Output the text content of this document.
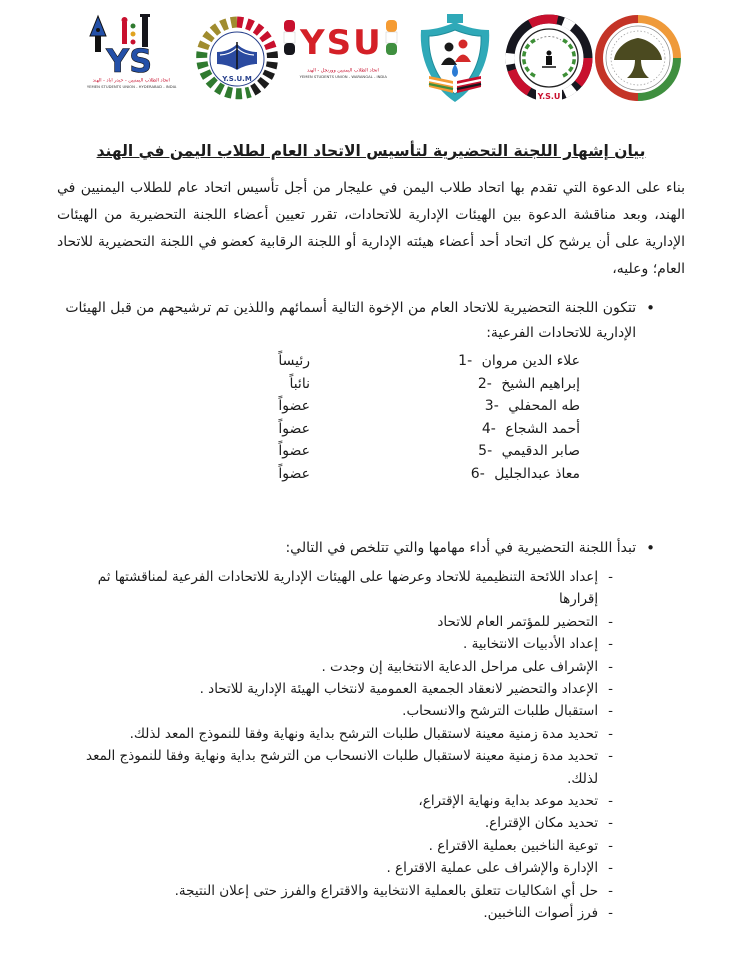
YS
اتحاد الطلاب اليمنيين - حيدر اباد - الهند
YEMEN STUDENTS UNION - HYDERABAD - INDIA
Y.S.U.M
YSU
اتحاد الطلاب اليمنيين وورنجل - الهند
YEMEN STUDENTS UNION - WARANGAL - INDIA
Y.S.U
بيان إشهار اللجنة التحضيرية لتأسيس الاتحاد العام لطلاب اليمن في الهند

بناء على الدعوة التي تقدم بها اتحاد طلاب اليمن في عليجار من أجل تأسيس اتحاد عام للطلاب اليمنيين في الهند، وبعد مناقشة الدعوة بين الهيئات الإدارية للاتحادات، تقرر تعيين أعضاء اللجنة التحضيرية من الهيئات الإدارية على أن يرشح كل اتحاد أحد أعضاء هيئته الإدارية أو اللجنة الرقابية كعضو في اللجنة التحضيرية للاتحاد العام؛ وعليه،

•
تتكون اللجنة التحضيرية للاتحاد العام من الإخوة التالية أسمائهم واللذين تم ترشيحهم من قبل الهيئات الإدارية للاتحادات الفرعية:
1 - علاء الدين مروان
رئيساً
2 - إبراهيم الشيخ
نائباً
3 - طه المحفلي
عضواً
4 - أحمد الشجاع
عضواً
5 - صابر الدقيمي
عضواً
6 - معاذ عبدالجليل
عضواً
•
تبدأ اللجنة التحضيرية في أداء مهامها والتي تتلخص في التالي:
-
إعداد اللائحة التنظيمية للاتحاد وعرضها على الهيئات الإدارية للاتحادات الفرعية لمناقشتها ثم إقرارها
-
التحضير للمؤتمر العام للاتحاد
-
إعداد الأدبيات الانتخابية .
-
الإشراف على مراحل الدعاية الانتخابية إن وجدت .
-
الإعداد والتحضير لانعقاد الجمعية العمومية لانتخاب الهيئة الإدارية للاتحاد .
-
استقبال طلبات الترشح والانسحاب.
-
تحديد مدة زمنية معينة لاستقبال طلبات الترشح بداية ونهاية وفقا للنموذج المعد لذلك.
-
تحديد مدة زمنية معينة لاستقبال طلبات الانسحاب من الترشح بداية ونهاية وفقا للنموذج المعد لذلك.
-
تحديد موعد بداية ونهاية الإقتراع،
-
تحديد مكان الإقتراع.
-
توعية الناخبين بعملية الاقتراع .
-
الإدارة والإشراف على عملية الاقتراع .
-
حل أي اشكاليات تتعلق بالعملية الانتخابية والاقتراع والفرز حتى إعلان النتيجة.
-
فرز أصوات الناخبين.
